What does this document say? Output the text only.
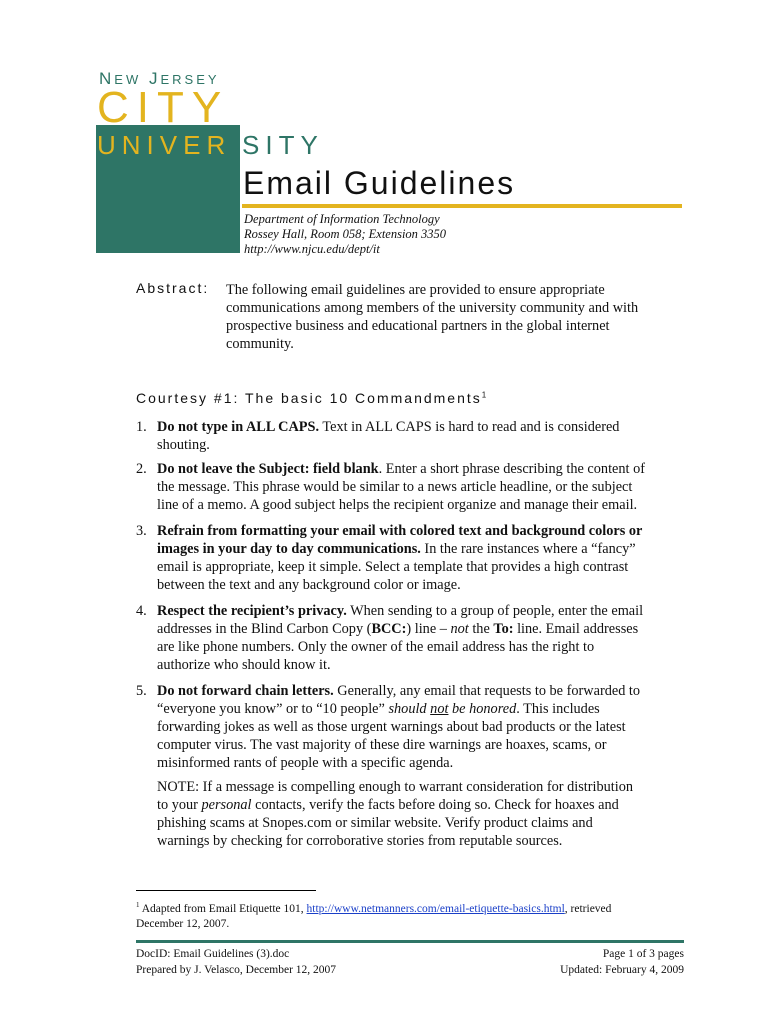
NEW JERSEY
CITY
UNIVER SITY
Email Guidelines
Department of Information Technology
Rossey Hall, Room 058; Extension 3350
http://www.njcu.edu/dept/it
Abstract: The following email guidelines are provided to ensure appropriate
communications among members of the university community and with
prospective business and educational partners in the global internet
community.
Courtesy #1: The basic 10 Commandments$^1$
1. Do not type in ALL CAPS. Text in ALL CAPS is hard to read and is considered
shouting.
2. Do not leave the Subject: field blank. Enter a short phrase describing the content of
the message. This phrase would be similar to a news article headline, or the subject
line of a memo. A good subject helps the recipient organize and manage their email.
3. Refrain from formatting your email with colored text and background colors or
images in your day to day communications. In the rare instances where a “fancy”
email is appropriate, keep it simple. Select a template that provides a high contrast
between the text and any background color or image.
4. Respect the recipient’s privacy. When sending to a group of people, enter the email
addresses in the Blind Carbon Copy (BCC:) line – not the To: line. Email addresses
are like phone numbers. Only the owner of the email address has the right to
authorize who should know it.
5. Do not forward chain letters. Generally, any email that requests to be forwarded to
“everyone you know” or to “10 people” should not be honored. This includes
forwarding jokes as well as those urgent warnings about bad products or the latest
computer virus. The vast majority of these dire warnings are hoaxes, scams, or
misinformed rants of people with a specific agenda.
NOTE: If a message is compelling enough to warrant consideration for distribution
to your personal contacts, verify the facts before doing so. Check for hoaxes and
phishing scams at Snopes.com or similar website. Verify product claims and
warnings by checking for corroborative stories from reputable sources.
$^1$ Adapted from Email Etiquette 101, http://www.netmanners.com/email-etiquette-basics.html, retrieved
December 12, 2007.
DocID: Email Guidelines (3).doc
Prepared by J. Velasco, December 12, 2007
Page 1 of 3 pages
Updated: February 4, 2009
